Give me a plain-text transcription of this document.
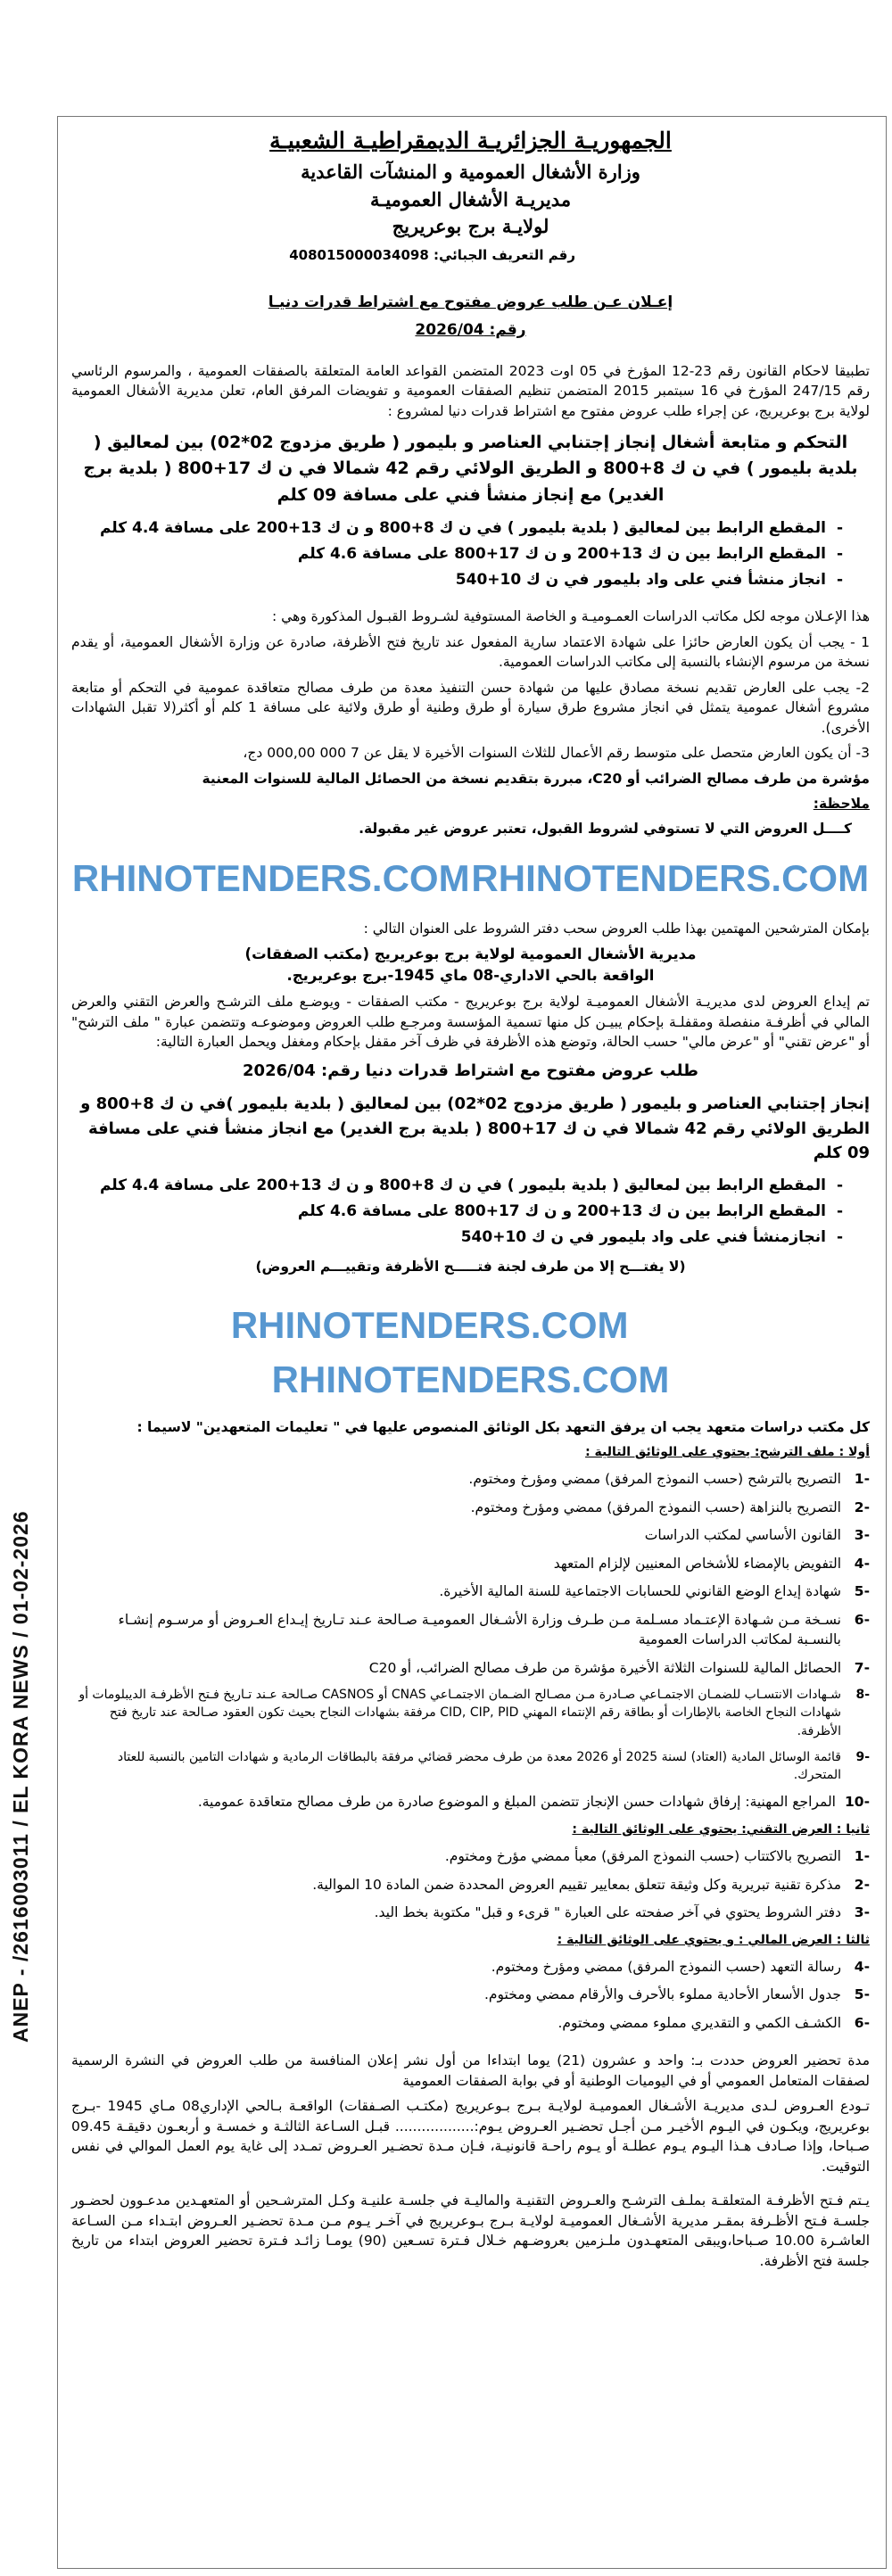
ANEP - /2616003011 / EL KORA NEWS / 01-02-2026
الجمهوريـة الجزائريـة الديمقراطيـة الشعبيـة
وزارة الأشغال العمومية و المنشآت القاعدية
مديريـة الأشغال العموميـة
لولايـة برج بوعريريج
رقم التعريف الجبائي: 408015000034098
إعـلان عـن طلب عروض مفتوح مع اشتراط قدرات دنيـا
رقم: 2026/04
تطبيقا لاحكام القانون رقم 23-12 المؤرخ في 05 اوت 2023 المتضمن القواعد العامة المتعلقة بالصفقات العمومية ، والمرسوم الرئاسي رقم 247/15 المؤرخ في 16 سبتمبر 2015 المتضمن تنظيم الصفقات العمومية و تفويضات المرفق العام، تعلن مديرية الأشغال العمومية لولاية برج بوعريريج، عن إجراء طلب عروض مفتوح مع اشتراط قدرات دنيا لمشروع :
التحكم و متابعة أشغال إنجاز إجتنابي العناصر و بليمور ( طريق مزدوج 02*02) بين لمعاليق ( بلدية بليمور ) في ن ك 8+800 و الطريق الولائي رقم 42 شمالا في ن ك 17+800 ( بلدية برج الغدير) مع إنجاز منشأ فني على مسافة 09 كلم
-
المقطع الرابط بين لمعاليق ( بلدية بليمور ) في ن ك 8+800 و ن ك 13+200 على مسافة 4.4 كلم
-
المقطع الرابط بين ن ك 13+200 و ن ك 17+800 على مسافة 4.6 كلم
-
انجاز منشأ فني على واد بليمور في ن ك 10+540
هذا الإعـلان موجه لكل مكاتب الدراسات العمـوميـة و الخاصة المستوفية لشـروط القبـول المذكورة وهي :
1 - يجب أن يكون العارض حائزا على شهادة الاعتماد سارية المفعول عند تاريخ فتح الأظرفة، صادرة عن وزارة الأشغال العمومية، أو يقدم نسخة من مرسوم الإنشاء بالنسبة إلى مكاتب الدراسات العمومية.
2- يجب على العارض تقديم نسخة مصادق عليها من شهادة حسن التنفيذ معدة من طرف مصالح متعاقدة عمومية في التحكم أو متابعة مشروع أشغال عمومية يتمثل في انجاز مشروع طرق سيارة أو طرق وطنية أو طرق ولائية على مسافة 1 كلم أو أكثر(لا تقبل الشهادات الأخرى).
3- أن يكون العارض متحصل على متوسط رقم الأعمال للثلاث السنوات الأخيرة لا يقل عن 7 000 000,00 دج،
مؤشرة من طرف مصالح الضرائب أو C20، مبررة بتقديم نسخة من الحصائل المالية للسنوات المعنية
ملاحظة:
كــــل العروض التي لا تستوفي لشروط القبول، تعتبر عروض غير مقبولة.
RHINOTENDERS.COM RHINOTENDERS.COM
بإمكان المترشحين المهتمين بهذا طلب العروض سحب دفتر الشروط على العنوان التالي :
مديرية الأشغال العمومية لولاية برج بوعريريج (مكتب الصفقات)
الواقعة بالحي الاداري-08 ماي 1945-برج بوعريريج.
تم إيداع العروض لدى مديريـة الأشغال العموميـة لولاية برج بوعريريج - مكتب الصفقات - ويوضـع ملف الترشـح والعرض التقني والعرض المالي في أظرفـة منفصلة ومقفلـة بإحكام يبيـن كل منها تسمية المؤسسة ومرجـع طلب العروض وموضوعـه وتتضمن عبارة " ملف الترشح" أو "عرض تقني" أو "عرض مالي" حسب الحالة، وتوضع هذه الأظرفة في ظرف آخر مقفل بإحكام ومغفل ويحمل العبارة التالية:
طلب عروض مفتوح مع اشتراط قدرات دنيا رقم: 2026/04
إنجاز إجتنابي العناصر و بليمور ( طريق مزدوج 02*02) بين لمعاليق ( بلدية بليمور )في ن ك 8+800 و الطريق الولائي رقم 42 شمالا في ن ك 17+800 ( بلدية برج الغدير) مع انجاز منشأ فني على مسافة 09 كلم
-
المقطع الرابط بين لمعاليق ( بلدية بليمور ) في ن ك 8+800 و ن ك 13+200 على مسافة 4.4 كلم
-
المقطع الرابط بين ن ك 13+200 و ن ك 17+800 على مسافة 4.6 كلم
-
انجازمنشأ فني على واد بليمور في ن ك 10+540
(لا يفتـــح إلا من طرف لجنة فتـــــح الأظرفة وتقييـــم العروض)
RHINOTENDERS.COM  RHINOTENDERS.COM
كل مكتب دراسات متعهد يجب ان يرفق التعهد بكل الوثائق المنصوص عليها في " تعليمات المتعهدين" لاسيما :
أولا : ملف الترشح: يحتوي على الوثائق التالية :
-1
التصريح بالترشح (حسب النموذج المرفق) ممضي ومؤرخ ومختوم.
-2
التصريح بالنزاهة (حسب النموذج المرفق) ممضي ومؤرخ ومختوم.
-3
القانون الأساسي لمكتب الدراسات
-4
التفويض بالإمضاء للأشخاص المعنيين لإلزام المتعهد
-5
شهادة إيداع الوضع القانوني للحسابات الاجتماعية للسنة المالية الأخيرة.
-6
نسـخة مـن شـهادة الإعتـماد مسـلمة مـن طـرف وزارة الأشـغال العموميـة صـالحة عـند تـاريخ إيـداع العـروض أو مرسـوم إنشـاء بالنسـبة لمكاتب الدراسات العمومية
-7
الحصائل المالية للسنوات الثلاثة الأخيرة مؤشرة من طرف مصالح الضرائب، أو C20
-8
شـهادات الانتسـاب للضمـان الاجتمـاعي صـادرة مـن مصـالح الضـمان الاجتمـاعي CNAS أو CASNOS صـالحة عـند تـاريخ فـتح الأظرفـة الديبلومات أو شهادات النجاح الخاصة بالإطارات أو بطاقة رقم الإنتماء المهني CID, CIP, PID مرفقة بشهادات النجاح بحيث تكون العقود صـالحة عند تاريخ فتح الأظرفة.
-9
قائمة الوسائل المادية (العتاد) لسنة 2025 أو 2026 معدة من طرف محضر قضائي مرفقة بالبطاقات الرمادية و شهادات التامين بالنسبة للعتاد المتحرك.
-10
المراجع المهنية: إرفاق شهادات حسن الإنجاز تتضمن المبلغ و الموضوع صادرة من طرف مصالح متعاقدة عمومية.
ثانيا : العرض التقني: يحتوي على الوثائق التالية :
-1
التصريح بالاكتتاب (حسب النموذج المرفق) معبأ ممضي مؤرخ ومختوم.
-2
مذكرة تقنية تبريرية وكل وثيقة تتعلق بمعايير تقييم العروض المحددة ضمن المادة 10 الموالية.
-3
دفتر الشروط يحتوي في آخر صفحته على العبارة " قرىء و قبل" مكتوبة بخط اليد.
ثالثا : العرض المالي : و يحتوي على الوثائق التالية :
-4
رسالة التعهد (حسب النموذج المرفق) ممضي ومؤرخ ومختوم.
-5
جدول الأسعار الأحادية مملوء بالأحرف والأرقام ممضي ومختوم.
-6
الكشـف الكمي و التقديري مملوء ممضي ومختوم.
مدة تحضير العروض حددت بـ: واحد و عشرون (21) يوما ابتداءا من أول نشر إعلان المنافسة من طلب العروض في النشرة الرسمية لصفقات المتعامل العمومي أو في اليوميات الوطنية أو في بوابة الصفقات العمومية
تـودع العـروض لـدى مديريـة الأشـغال العموميـة لولايـة بـرج بـوعريريج (مكتـب الصـفقات) الواقعـة بـالحي الإداري08 مـاي 1945 -بـرج بوعريريج، ويكـون في اليـوم الأخيـر مـن أجـل تحضـير العـروض يـوم:.................. قبـل السـاعة الثالثـة و خمسـة و أربعـون دقيقـة 09.45 صـباحا، وإذا صـادف هـذا اليـوم يـوم عطلـة أو يـوم راحـة قانونيـة، فـإن مـدة تحضـير العـروض تمـدد إلى غاية يوم العمل الموالي في نفس التوقيت.
يـتم فـتح الأظرفـة المتعلقـة بملـف الترشـح والعـروض التقنيـة والماليـة في جلسـة علنيـة وكـل المترشـحين أو المتعهـدين مدعـوون لحضـور جلسـة فـتح الأظـرفة بمقـر مديرية الأشـغال العموميـة لولايـة بـرج بـوعريريج في آخـر يـوم مـن مـدة تحضـير العـروض ابتـداء مـن السـاعة العاشـرة 10.00 صـباحا،ويبقى المتعهـدون ملـزمين بعروضـهم خـلال فـترة تسـعين (90) يومـا زائـد فـترة تحضير العروض ابتداء من تاريخ جلسة فتح الأظرفة.
